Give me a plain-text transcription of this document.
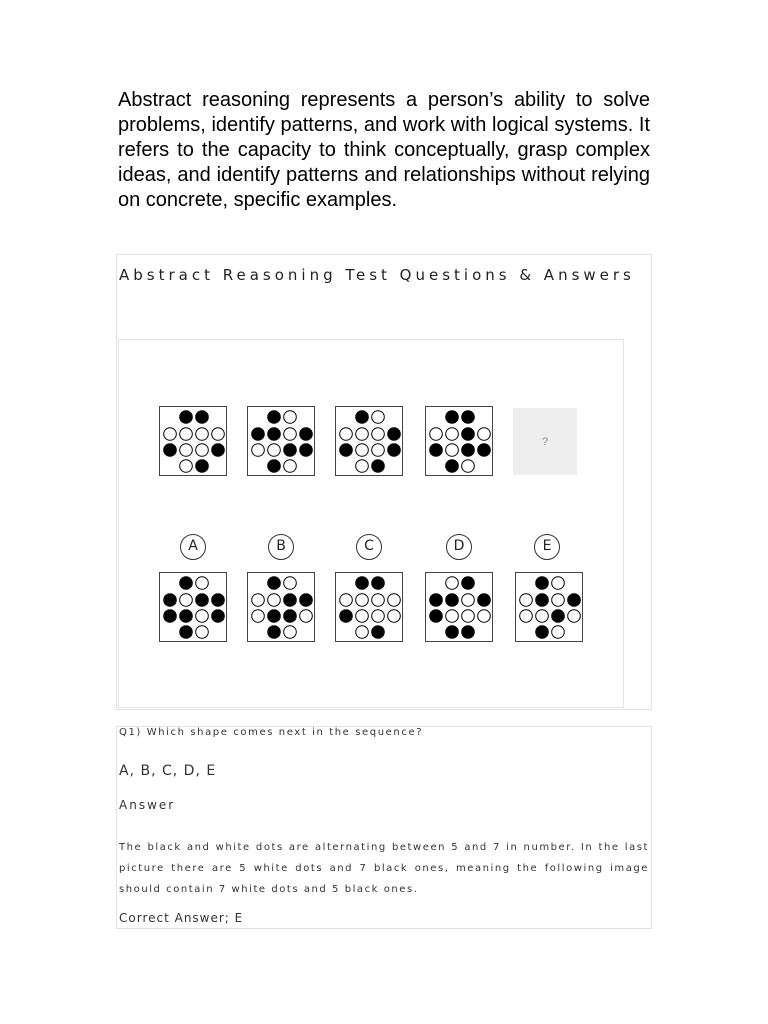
Abstract reasoning represents a person’s ability to solve problems, identify patterns, and work with logical systems. It refers to the capacity to think conceptually, grasp complex ideas, and identify patterns and relationships without relying on concrete, specific examples.

Abstract Reasoning Test Questions & Answers
?
A	B	C	D	E

Q1) Which shape comes next in the sequence?

A, B, C, D, E

Answer

The black and white dots are alternating between 5 and 7 in number. In the last picture there are 5 white dots and 7 black ones, meaning the following image should contain 7 white dots and 5 black ones.

Correct Answer; E
